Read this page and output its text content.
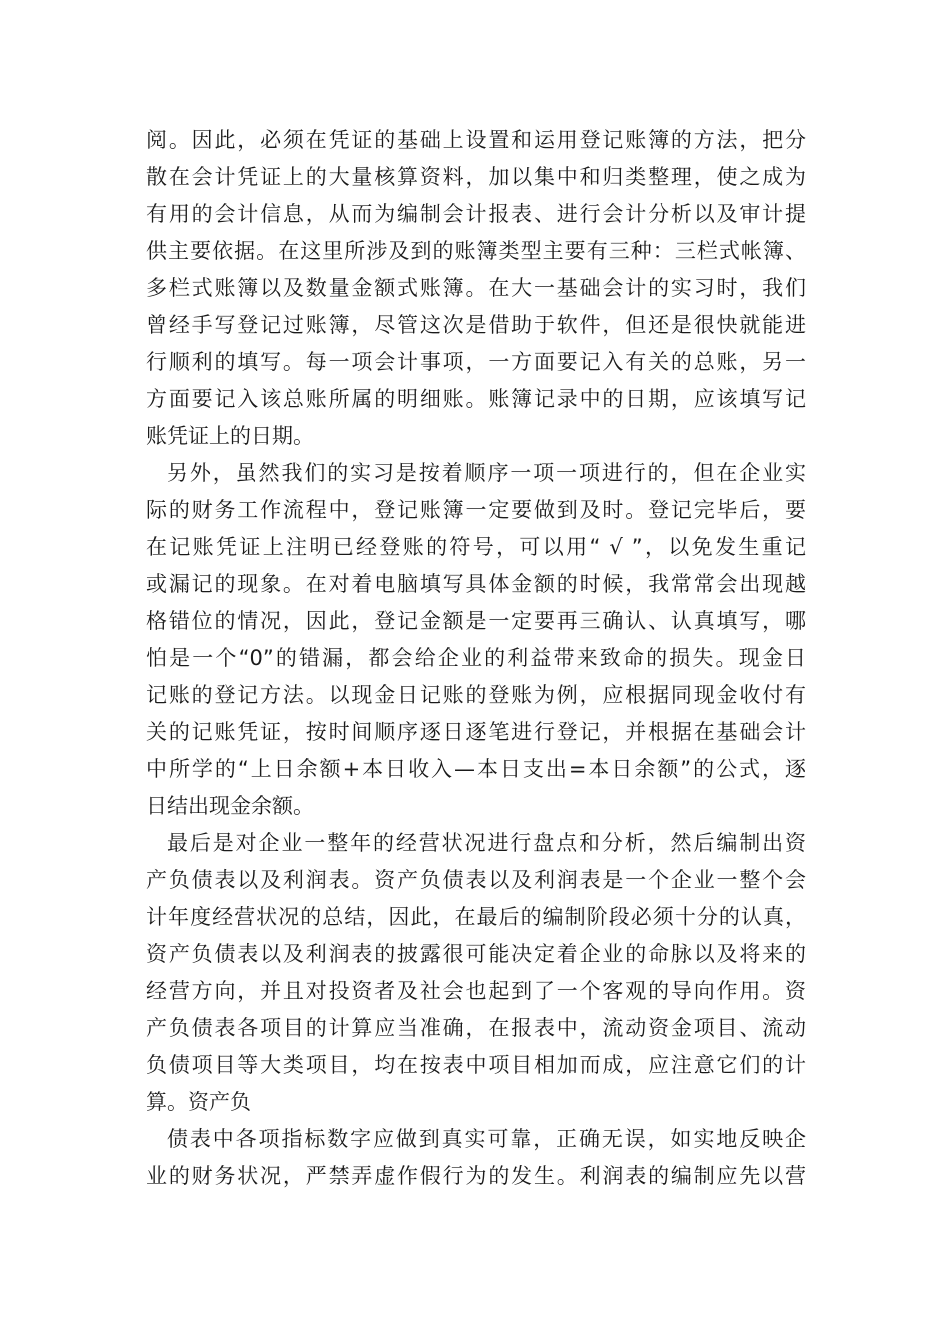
阅。因此，必须在凭证的基础上设置和运用登记账簿的方法，把分
散在会计凭证上的大量核算资料，加以集中和归类整理，使之成为
有用的会计信息，从而为编制会计报表、进行会计分析以及审计提
供主要依据。在这里所涉及到的账簿类型主要有三种：三栏式帐簿、
多栏式账簿以及数量金额式账簿。在大一基础会计的实习时，我们
曾经手写登记过账簿，尽管这次是借助于软件，但还是很快就能进
行顺利的填写。每一项会计事项，一方面要记入有关的总账，另一
方面要记入该总账所属的明细账。账簿记录中的日期，应该填写记
账凭证上的日期。
另外，虽然我们的实习是按着顺序一项一项进行的，但在企业实
际的财务工作流程中，登记账簿一定要做到及时。登记完毕后，要
在记账凭证上注明已经登账的符号，可以用“ √ ”，以免发生重记
或漏记的现象。在对着电脑填写具体金额的时候，我常常会出现越
格错位的情况，因此，登记金额是一定要再三确认、认真填写，哪
怕是一个“0”的错漏，都会给企业的利益带来致命的损失。现金日
记账的登记方法。以现金日记账的登账为例，应根据同现金收付有
关的记账凭证，按时间顺序逐日逐笔进行登记，并根据在基础会计
中所学的“上日余额+本日收入—本日支出=本日余额”的公式，逐
日结出现金余额。
最后是对企业一整年的经营状况进行盘点和分析，然后编制出资
产负债表以及利润表。资产负债表以及利润表是一个企业一整个会
计年度经营状况的总结，因此，在最后的编制阶段必须十分的认真，
资产负债表以及利润表的披露很可能决定着企业的命脉以及将来的
经营方向，并且对投资者及社会也起到了一个客观的导向作用。资
产负债表各项目的计算应当准确，在报表中，流动资金项目、流动
负债项目等大类项目，均在按表中项目相加而成，应注意它们的计
算。资产负
债表中各项指标数字应做到真实可靠，正确无误，如实地反映企
业的财务状况，严禁弄虚作假行为的发生。利润表的编制应先以营
